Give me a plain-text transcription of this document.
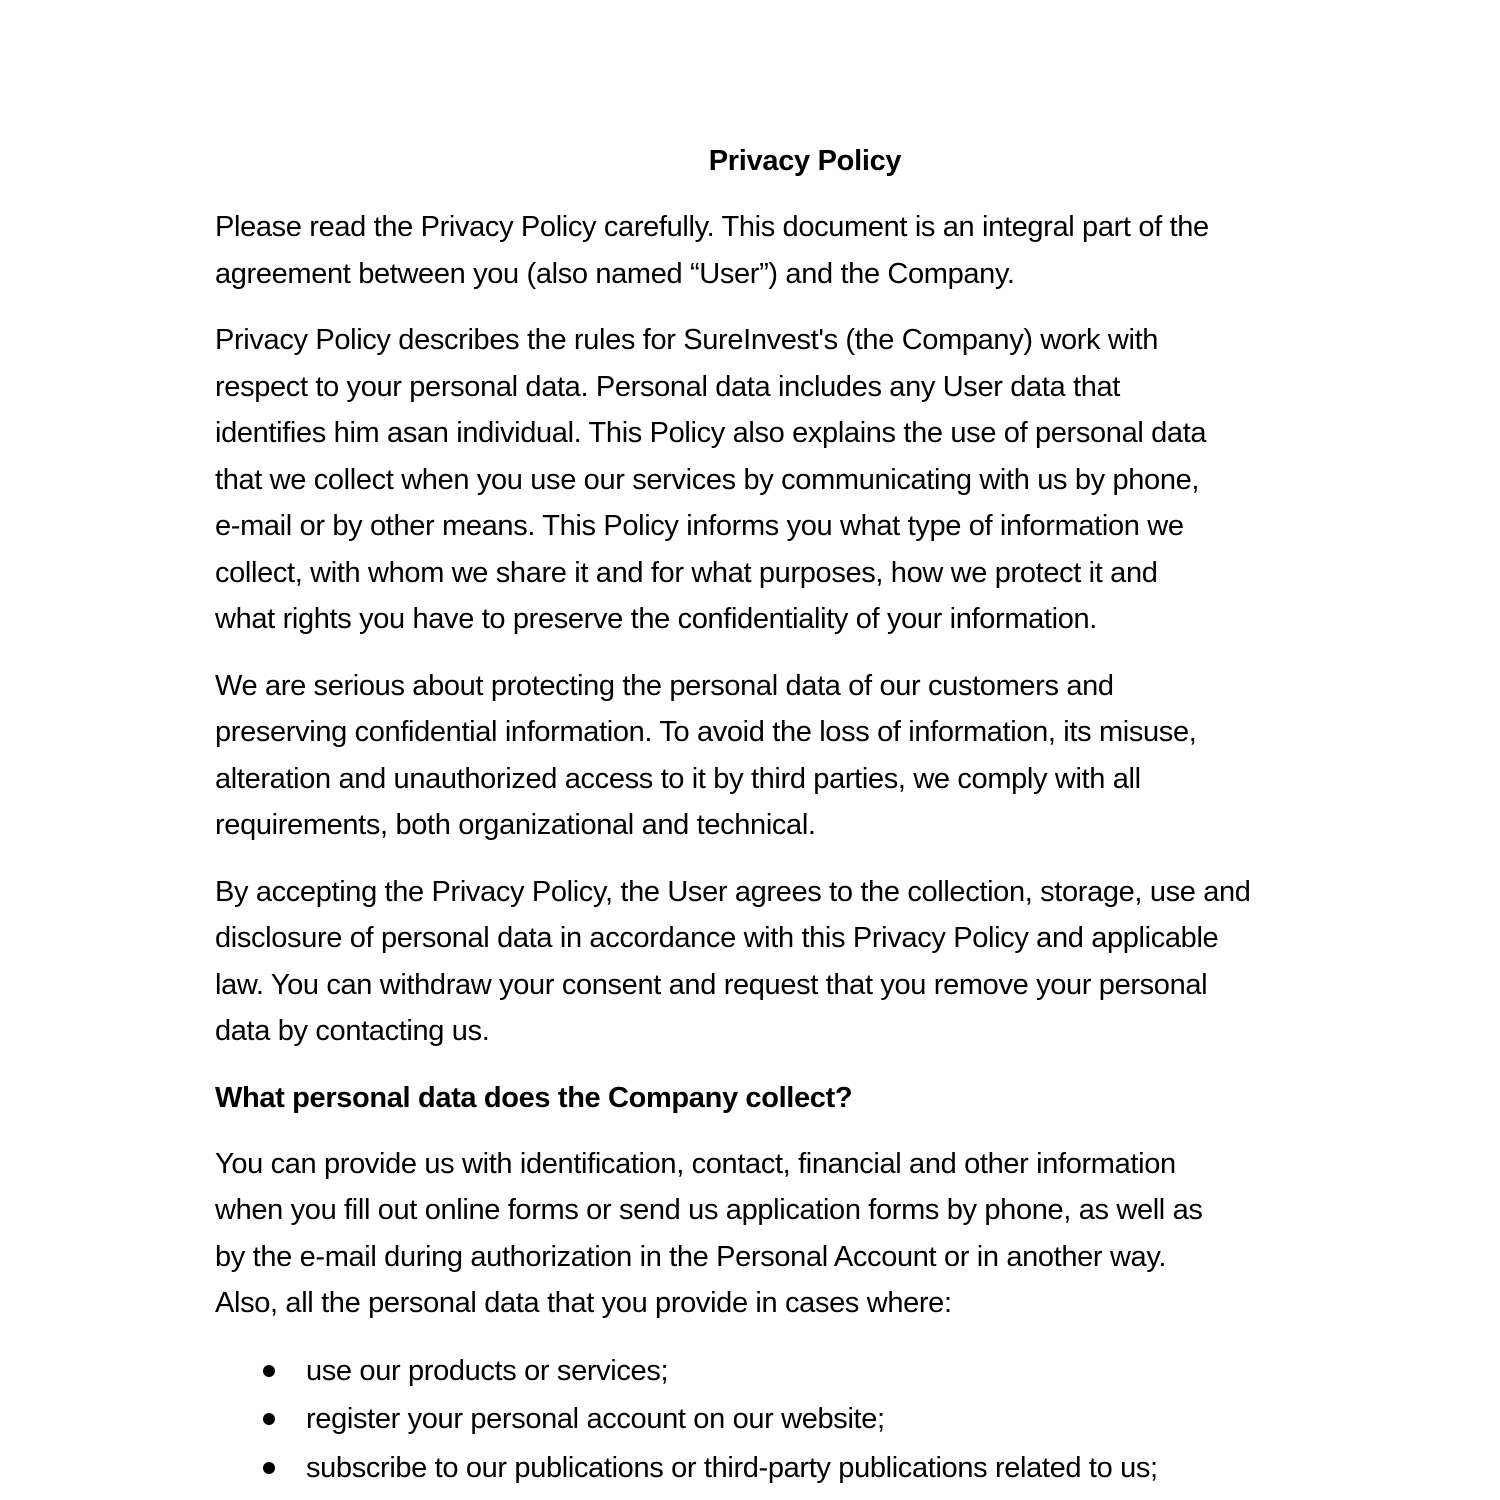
Privacy Policy
Please read the Privacy Policy carefully. This document is an integral part of the
agreement between you (also named “User”) and the Company.
Privacy Policy describes the rules for SureInvest's (the Company) work with
respect to your personal data. Personal data includes any User data that
identifies him asan individual. This Policy also explains the use of personal data
that we collect when you use our services by communicating with us by phone,
e-mail or by other means. This Policy informs you what type of information we
collect, with whom we share it and for what purposes, how we protect it and
what rights you have to preserve the confidentiality of your information.
We are serious about protecting the personal data of our customers and
preserving confidential information. To avoid the loss of information, its misuse,
alteration and unauthorized access to it by third parties, we comply with all
requirements, both organizational and technical.
By accepting the Privacy Policy, the User agrees to the collection, storage, use and
disclosure of personal data in accordance with this Privacy Policy and applicable
law. You can withdraw your consent and request that you remove your personal
data by contacting us.
What personal data does the Company collect?
You can provide us with identification, contact, financial and other information
when you fill out online forms or send us application forms by phone, as well as
by the e-mail during authorization in the Personal Account or in another way.
Also, all the personal data that you provide in cases where:
use our products or services;
register your personal account on our website;
subscribe to our publications or third-party publications related to us;
